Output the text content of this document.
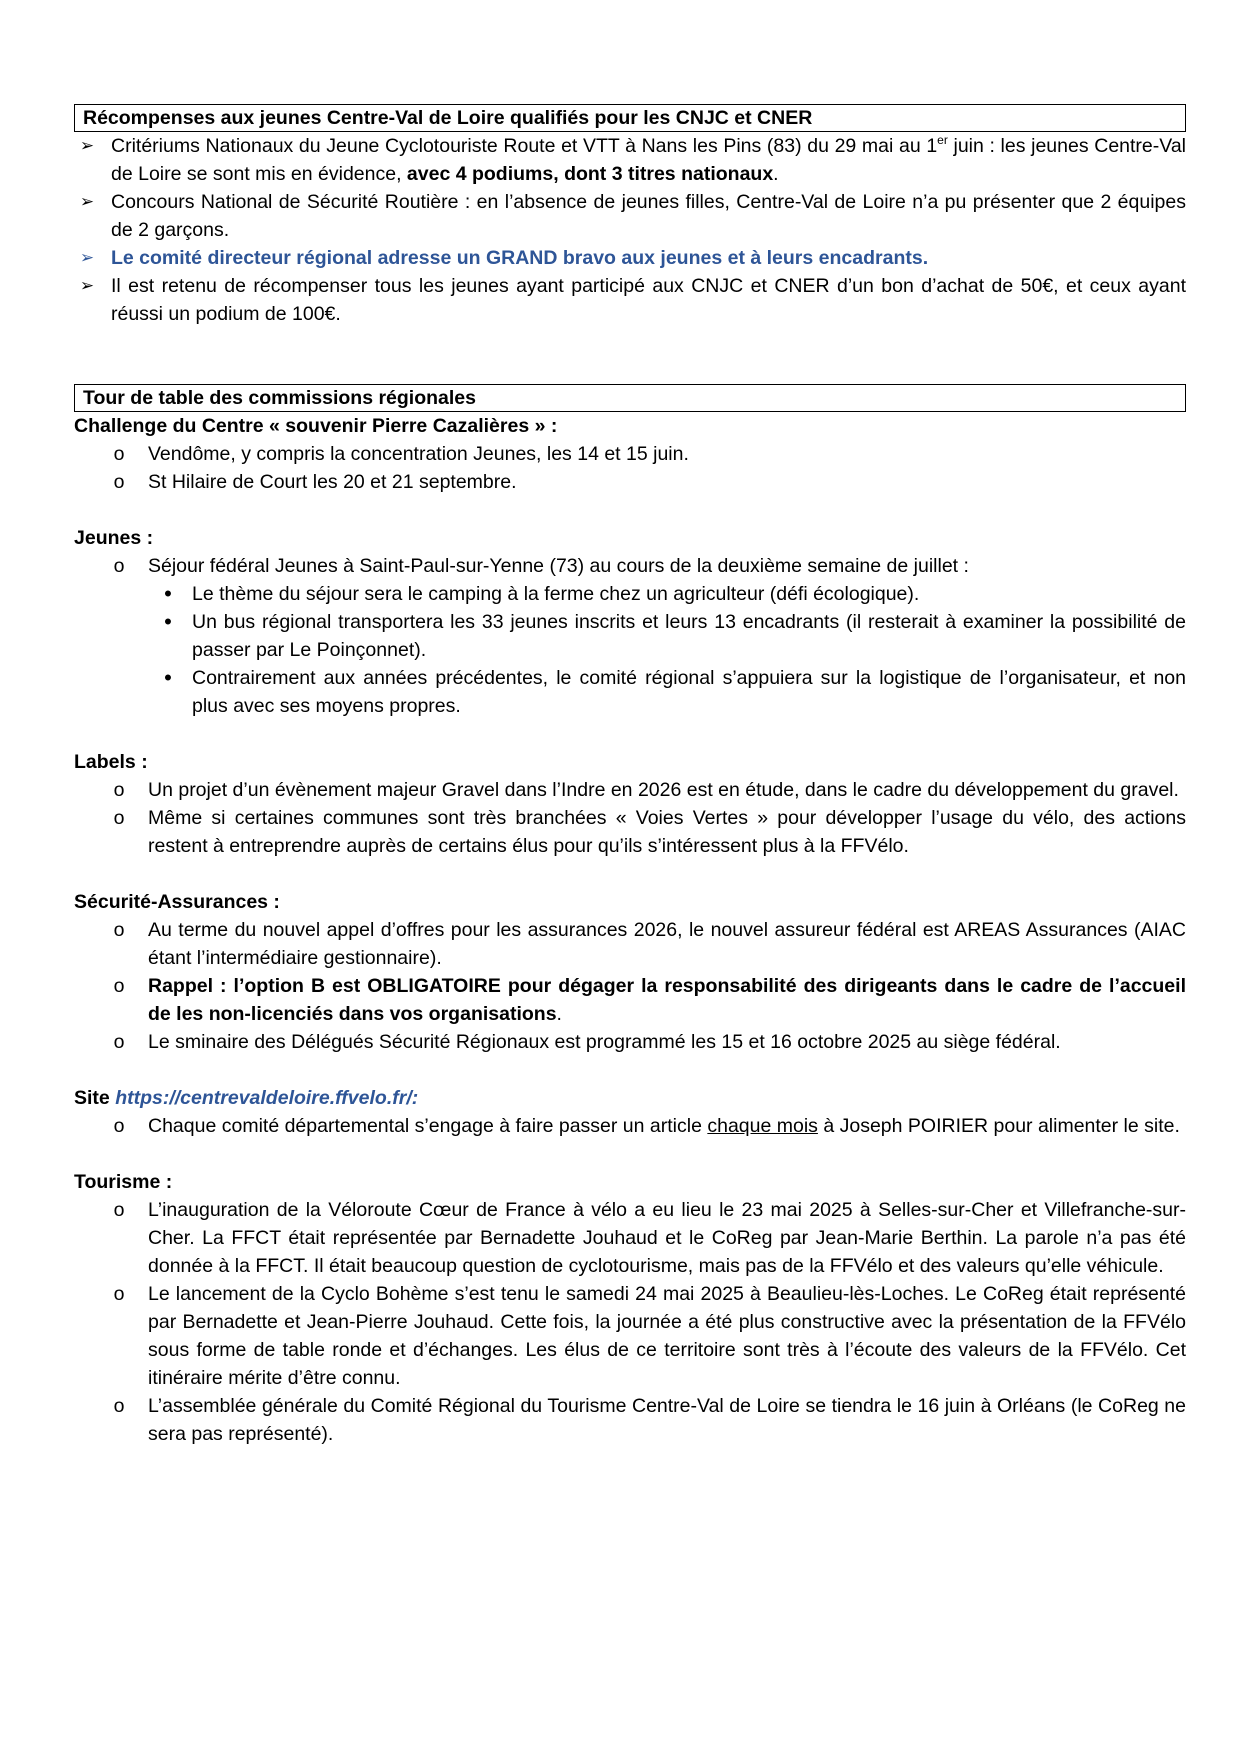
Récompenses aux jeunes Centre-Val de Loire qualifiés pour les CNJC et CNER
➢ Critériums Nationaux du Jeune Cyclotouriste Route et VTT à Nans les Pins (83) du 29 mai au 1er juin : les jeunes Centre-Val de Loire se sont mis en évidence, avec 4 podiums, dont 3 titres nationaux.
➢ Concours National de Sécurité Routière : en l’absence de jeunes filles, Centre-Val de Loire n’a pu présenter que 2 équipes de 2 garçons.
➢ Le comité directeur régional adresse un GRAND bravo aux jeunes et à leurs encadrants.
➢ Il est retenu de récompenser tous les jeunes ayant participé aux CNJC et CNER d’un bon d’achat de 50€, et ceux ayant réussi un podium de 100€.
Tour de table des commissions régionales
Challenge du Centre « souvenir Pierre Cazalières » :
o Vendôme, y compris la concentration Jeunes, les 14 et 15 juin.
o St Hilaire de Court les 20 et 21 septembre.
Jeunes :
o Séjour fédéral Jeunes à Saint-Paul-sur-Yenne (73) au cours de la deuxième semaine de juillet :
• Le thème du séjour sera le camping à la ferme chez un agriculteur (défi écologique).
• Un bus régional transportera les 33 jeunes inscrits et leurs 13 encadrants (il resterait à examiner la possibilité de passer par Le Poinçonnet).
• Contrairement aux années précédentes, le comité régional s’appuiera sur la logistique de l’organisateur, et non plus avec ses moyens propres.
Labels :
o Un projet d’un évènement majeur Gravel dans l’Indre en 2026 est en étude, dans le cadre du développement du gravel.
o Même si certaines communes sont très branchées « Voies Vertes » pour développer l’usage du vélo, des actions restent à entreprendre auprès de certains élus pour qu’ils s’intéressent plus à la FFVélo.
Sécurité-Assurances :
o Au terme du nouvel appel d’offres pour les assurances 2026, le nouvel assureur fédéral est AREAS Assurances (AIAC étant l’intermédiaire gestionnaire).
o Rappel : l’option B est OBLIGATOIRE pour dégager la responsabilité des dirigeants dans le cadre de l’accueil de les non-licenciés dans vos organisations.
o Le sminaire des Délégués Sécurité Régionaux est programmé les 15 et 16 octobre 2025 au siège fédéral.
Site https://centrevaldeloire.ffvelo.fr/:
o Chaque comité départemental s’engage à faire passer un article chaque mois à Joseph POIRIER pour alimenter le site.
Tourisme :
o L’inauguration de la Véloroute Cœur de France à vélo a eu lieu le 23 mai 2025 à Selles-sur-Cher et Villefranche-sur-Cher. La FFCT était représentée par Bernadette Jouhaud et le CoReg par Jean-Marie Berthin. La parole n’a pas été donnée à la FFCT. Il était beaucoup question de cyclotourisme, mais pas de la FFVélo et des valeurs qu’elle véhicule.
o Le lancement de la Cyclo Bohème s’est tenu le samedi 24 mai 2025 à Beaulieu-lès-Loches. Le CoReg était représenté par Bernadette et Jean-Pierre Jouhaud. Cette fois, la journée a été plus constructive avec la présentation de la FFVélo sous forme de table ronde et d’échanges. Les élus de ce territoire sont très à l’écoute des valeurs de la FFVélo. Cet itinéraire mérite d’être connu.
o L’assemblée générale du Comité Régional du Tourisme Centre-Val de Loire se tiendra le 16 juin à Orléans (le CoReg ne sera pas représenté).
